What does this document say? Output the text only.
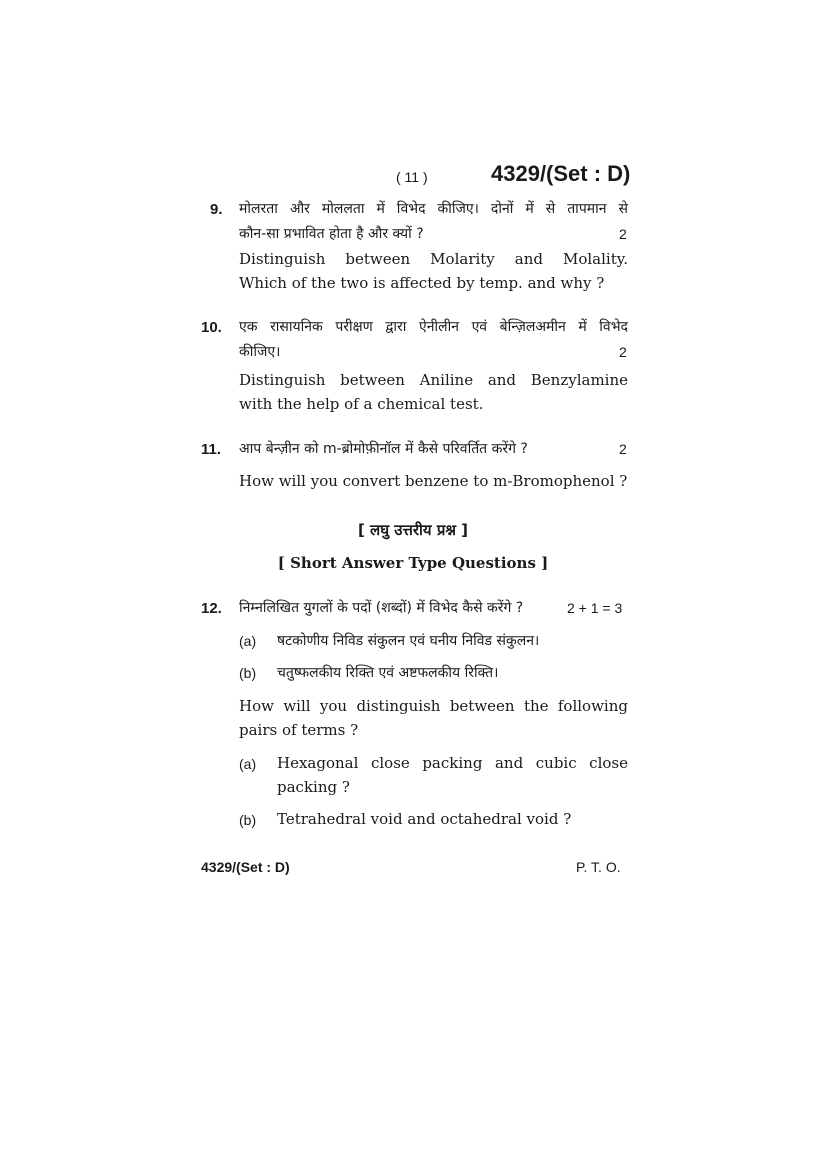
( 11 )	4329/(Set : D)
9. मोलरता और मोललता में विभेद कीजिए। दोनों में से तापमान से
कौन-सा प्रभावित होता है और क्यों ?	2
Distinguish between Molarity and Molality.
Which of the two is affected by temp. and why ?
10. एक रासायनिक परीक्षण द्वारा ऐनीलीन एवं बेन्ज़िलअमीन में विभेद
कीजिए।	2
Distinguish between Aniline and Benzylamine
with the help of a chemical test.
11. आप बेन्ज़ीन को m-ब्रोमोफ़ीनॉल में कैसे परिवर्तित करेंगे ?	2
How will you convert benzene to m-Bromophenol ?
[ लघु उत्तरीय प्रश्न ]
[ Short Answer Type Questions ]
12. निम्नलिखित युगलों के पदों (शब्दों) में विभेद कैसे करेंगे ?	2 + 1 = 3
(a) षटकोणीय निविड संकुलन एवं घनीय निविड संकुलन।
(b) चतुष्फलकीय रिक्ति एवं अष्टफलकीय रिक्ति।
How will you distinguish between the following
pairs of terms ?
(a) Hexagonal close packing and cubic close
packing ?
(b) Tetrahedral void and octahedral void ?
4329/(Set : D)	P. T. O.
